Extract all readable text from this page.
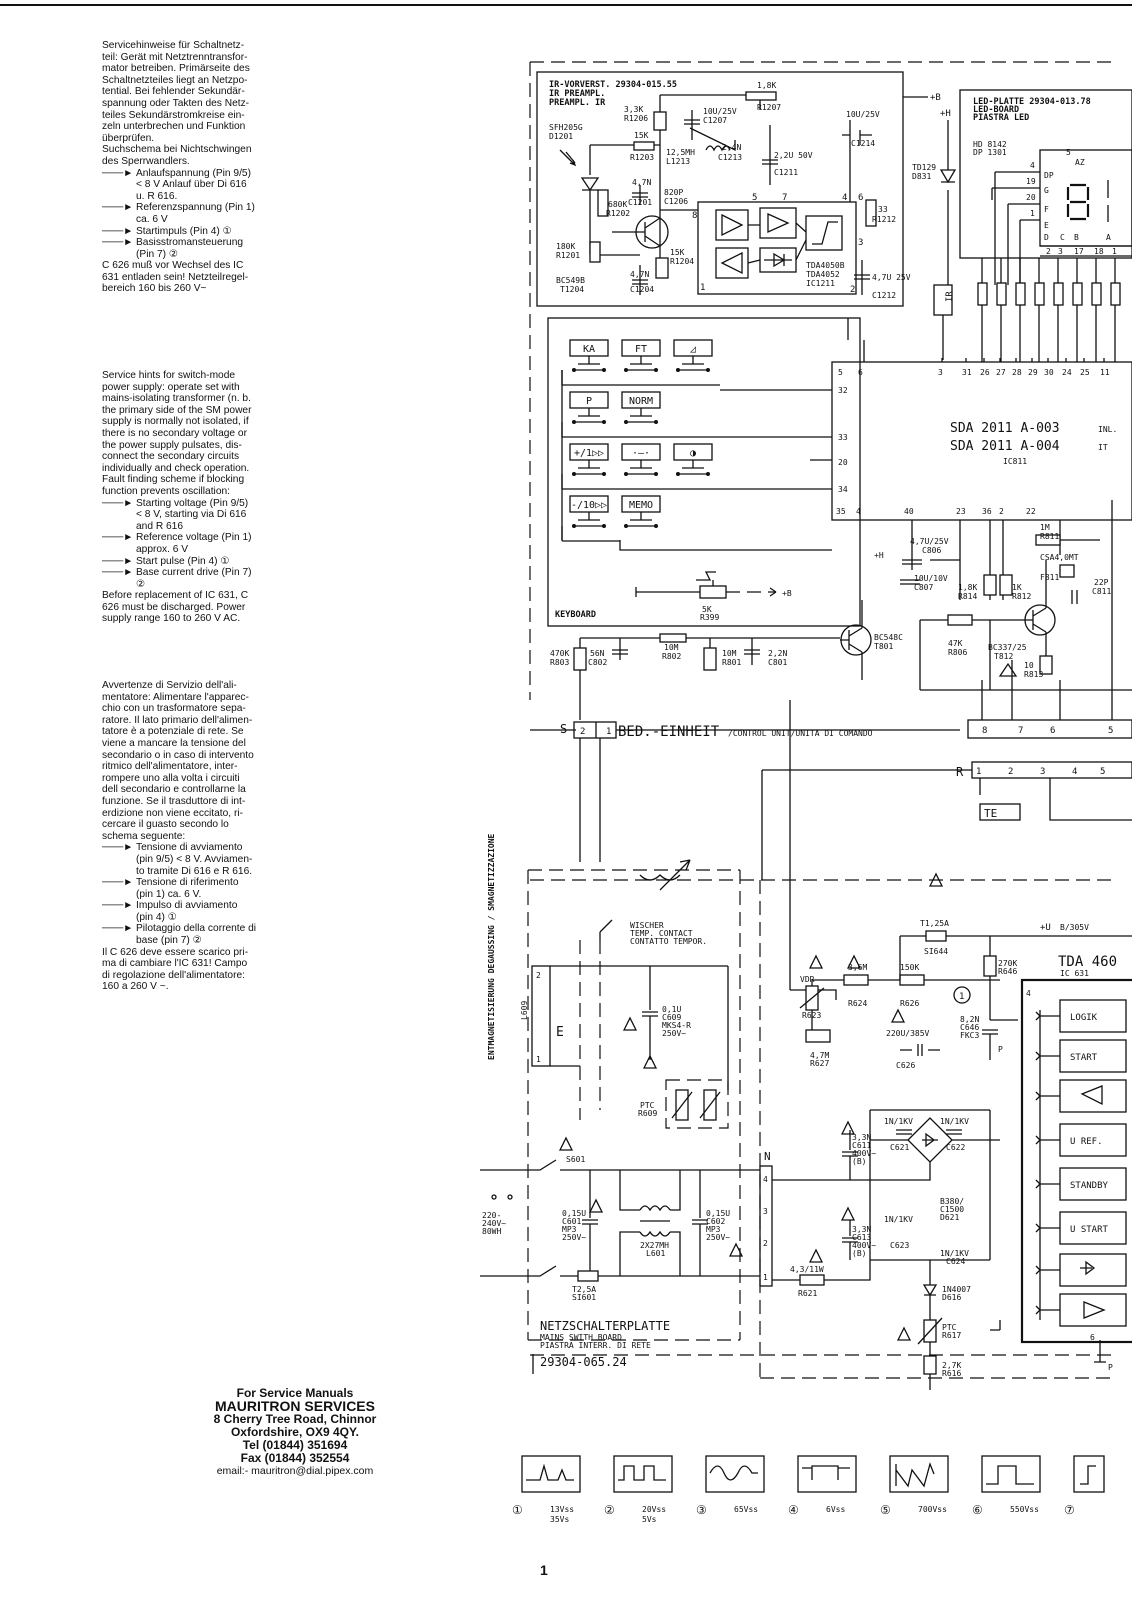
Servicehinweise für Schaltnetz-
teil: Gerät mit Netztrenntransfor-
mator betreiben. Primärseite des
Schaltnetzteiles liegt an Netzpo-
tential. Bei fehlender Sekundär-
spannung oder Takten des Netz-
teiles Sekundärstromkreise ein-
zeln unterbrechen und Funktion
überprüfen.
Suchschema bei Nichtschwingen
des Sperrwandlers.

───► Anlaufspannung (Pin 9/5)
< 8 V Anlauf über Di 616
u. R 616.
───► Referenzspannung (Pin 1)
ca. 6 V
───► Startimpuls (Pin 4) ①
───► Basisstromansteuerung
(Pin 7) ②

C 626 muß vor Wechsel des IC
631 entladen sein! Netzteilregel-
bereich 160 bis 260 V~

Service hints for switch-mode
power supply: operate set with
mains-isolating transformer (n. b.
the primary side of the SM power
supply is normally not isolated, if
there is no secondary voltage or
the power supply pulsates, dis-
connect the secondary circuits
individually and check operation.
Fault finding scheme if blocking
function prevents oscillation:

───► Starting voltage (Pin 9/5)
< 8 V, starting via Di 616
and R 616
───► Reference voltage (Pin 1)
approx. 6 V
───► Start pulse (Pin 4) ①
───► Base current drive (Pin 7)
②

Before replacement of IC 631, C
626 must be discharged. Power
supply range 160 to 260 V AC.

Avvertenze di Servizio dell'ali-
mentatore: Alimentare l'apparec-
chio con un trasformatore sepa-
ratore. Il lato primario dell'alimen-
tatore è a potenziale di rete. Se
viene a mancare la tensione del
secondario o in caso di intervento
ritmico dell'alimentatore, inter-
rompere uno alla volta i circuiti
dell secondario e controllarne la
funzione. Se il trasduttore di int-
erdizione non viene eccitato, ri-
cercare il guasto secondo lo
schema seguente:

───► Tensione di avviamento
(pin 9/5) < 8 V. Avviamen-
to tramite Di 616 e R 616.
───► Tensione di riferimento
(pin 1) ca. 6 V.
───► Impulso di avviamento
(pin 4) ①
───► Pilotaggio della corrente di
base (pin 7) ②

Il C 626 deve essere scarico pri-
ma di cambiare l'IC 631! Campo
di regolazione dell'alimentatore:
160 a 260 V ~.

For Service Manuals
MAURITRON SERVICES
8 Cherry Tree Road, Chinnor
Oxfordshire, OX9 4QY.
Tel (01844) 351694
Fax (01844) 352554
email:- mauritron@dial.pipex.com
1
IR-VORVERST. 29304-015.55
IR PREAMPL.
PREAMPL. IR
SFH205G
D1201
5	7	4 6
8
3
1	2
1,8K
R1207
3,3K
R1206
10U/25V
C1207
15K
R1203
12,5MH
L1213
2,4N
C1213	2,2U 50V
C1211
4,7N
C1201
680K
R1202
820P
C1206
180K
R1201	15K
R1204
4,7N
C1204
33
R1212
4,7U 25V
C1212
BC549B
T1204
TDA4050B
TDA4052
IC1211
10U/25V
C1214
+B
+H
TD129
D831
IR
LED-PLATTE 29304-013.78
LED-BOARD
PIASTRA LED
HD 8142
DP 1301
DP
AZ
G
F
E
D C B	A
4
19
20
1
5
2 3 17 18 1
KEYBOARD
KA	FT	◿
P	NORM
+/1▷▷	·—·	◑
-/10▷▷ MEMO
5K
R399
+B
SDA 2011 A-003
SDA 2011 A-004
INL.
IT
IC811
5 6	3 31 26 27 28 29 30 24 25 11
32
33
20
34
35 4	40	23 36 2	22
4,7U/25V
C806
10U/10V
C807	1,8K
R814
1K
R812
1M
R811
CSA4,0MT
F811
22P
C811
+H
470K
R803
56N
C802
10M
R802	10M
R801
2,2N
C801
47K
R806
10
R813
BC548C
T801	BC337/25
T812
S 2 1 BED.-EINHEIT /CONTROL UNIT/UNITA DI COMANDO	8	7	6	5
R 1	2	3	4	5
TE
ENTMAGNETISIERUNG DEGAUSSING / SMAGNETIZZAZIONE	L609
E
2
1
WISCHER
TEMP. CONTACT
CONTATTO TEMPOR.
0,1U
C609
MKS4-R
250V~
PTC
R609
S601
220-
240V~
80WH
0,15U
C601
MP3
250V~
0,15U
C602
MP3
250V~
2X27MH
L601
T2,5A
SI601
NETZSCHALTERPLATTE
MAINS SWITH BOARD
PIASTRA INTERR. DI RETE
29304-065.24
N
4
3
2
1
VDR
R623
3,6M
R624
150K
R626
4,7M
R627
220U/385V
C626
T1,25A
SI644
+U B/305V
270K
R646
8,2N
C646
FKC3
1
P
1N/1KV
C621
1N/1KV
C622
1N/1KV
C623
1N/1KV
C624
B380/
C1500
D621
3,3N
C611
400V~
(B)
3,3N
C613
400V~
(B)
4,3/11W
R621	1N4007
D616
PTC
R617
2,7K
R616
TDA 460
IC 631
4
6
LOGIK
START
U REF.
STANDBY
U START
P
①	13Vss
35Vs
②	20Vss
5Vs
③	65Vss ④	6Vss	⑤	700Vss ⑥	550Vss ⑦
